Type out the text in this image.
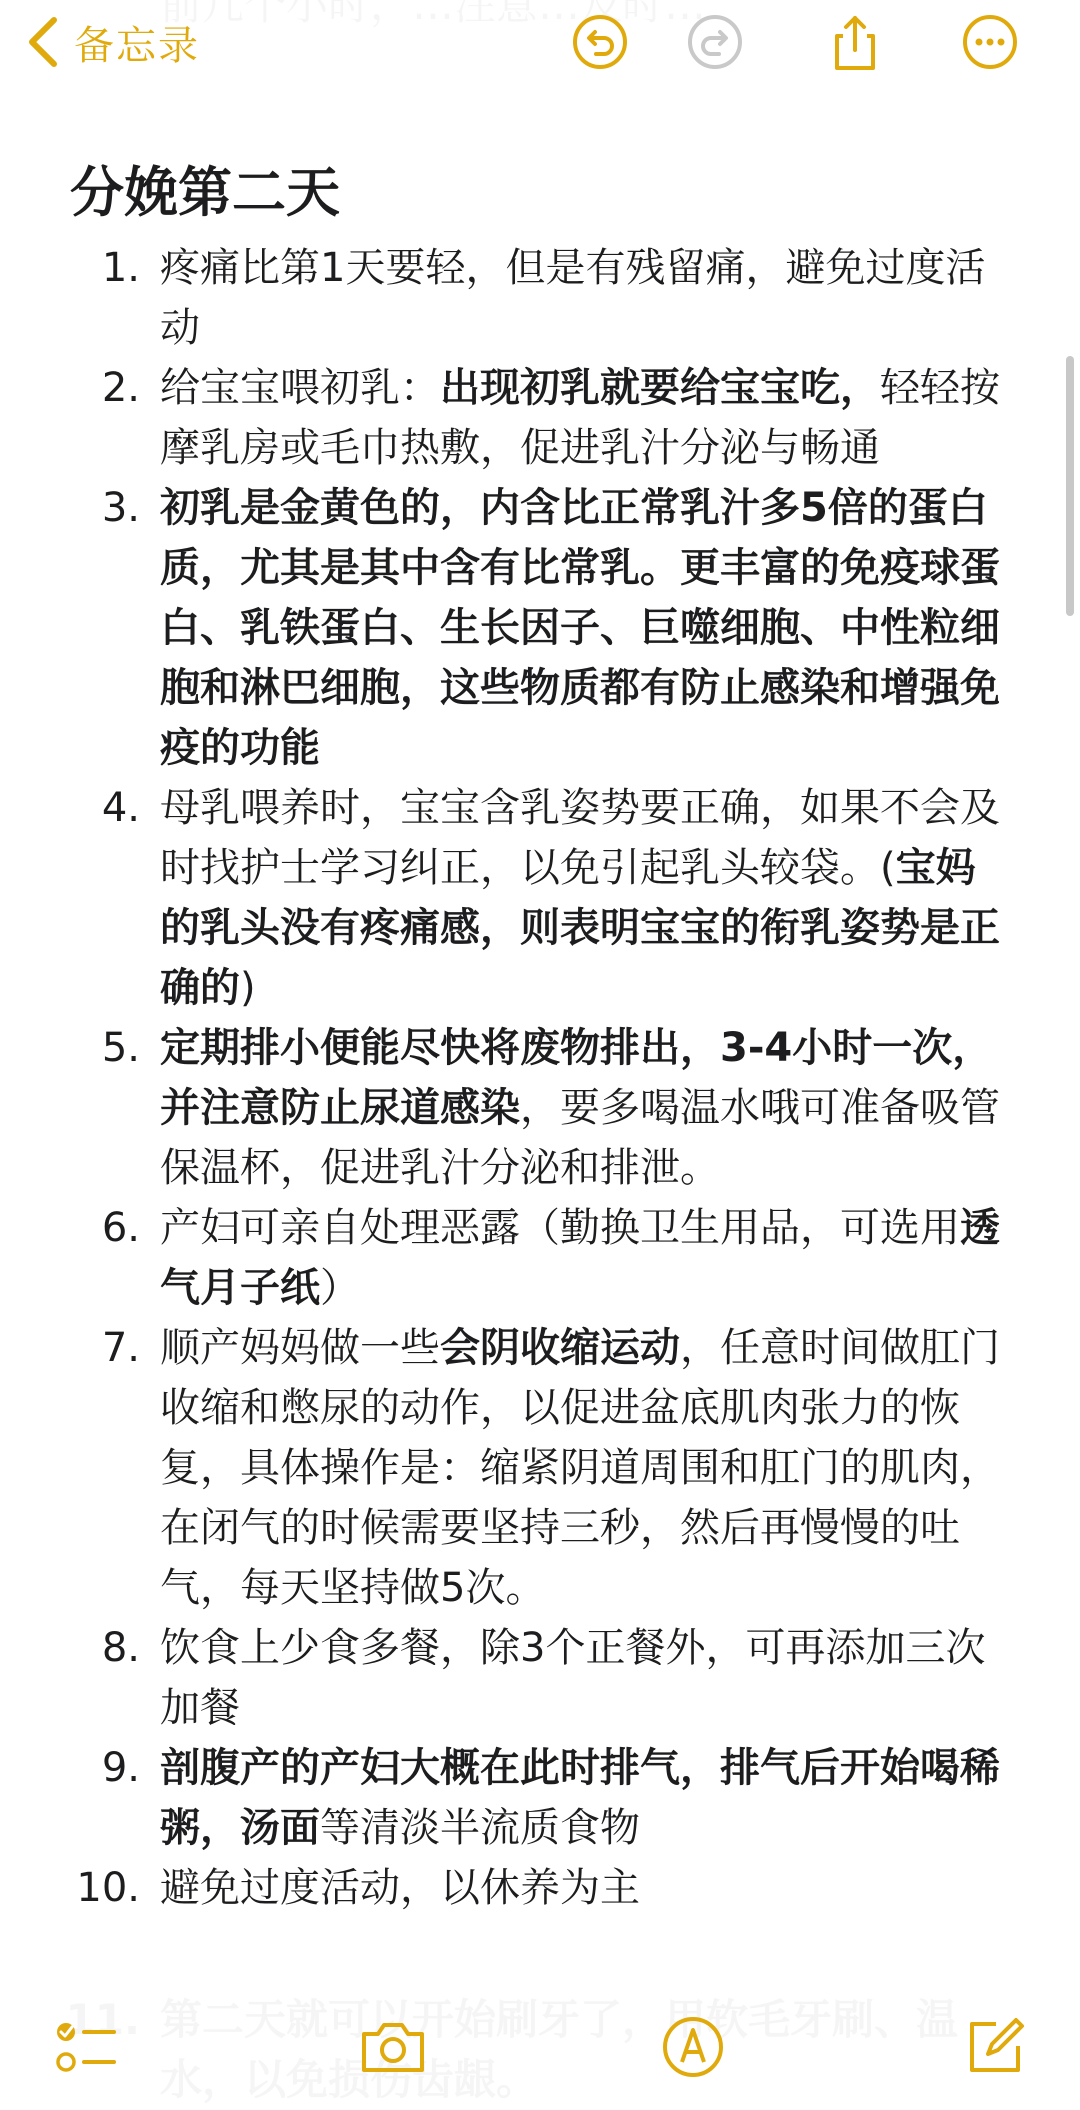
备忘录
分娩第二天
1. 疼痛比第1天要轻，但是有残留痛，避免过度活动
2. 给宝宝喂初乳：出现初乳就要给宝宝吃，轻轻按摩乳房或毛巾热敷，促进乳汁分泌与畅通
3. 初乳是金黄色的，内含比正常乳汁多5倍的蛋白质，尤其是其中含有比常乳。更丰富的免疫球蛋白、乳铁蛋白、生长因子、巨噬细胞、中性粒细胞和淋巴细胞，这些物质都有防止感染和增强免疫的功能
4. 母乳喂养时，宝宝含乳姿势要正确，如果不会及时找护士学习纠正，以免引起乳头较袋。(宝妈的乳头没有疼痛感，则表明宝宝的衔乳姿势是正确的)
5. 定期排小便能尽快将废物排出，3-4小时一次，并注意防止尿道感染，要多喝温水哦可准备吸管保温杯，促进乳汁分泌和排泄。
6. 产妇可亲自处理恶露（勤换卫生用品，可选用透气月子纸）
7. 顺产妈妈做一些会阴收缩运动，任意时间做肛门收缩和憋尿的动作，以促进盆底肌肉张力的恢复，具体操作是：缩紧阴道周围和肛门的肌肉，在闭气的时候需要坚持三秒，然后再慢慢的吐气，每天坚持做5次。
8. 饮食上少食多餐，除3个正餐外，可再添加三次加餐
9. 剖腹产的产妇大概在此时排气，排气后开始喝稀粥，汤面等清淡半流质食物
10. 避免过度活动，以休养为主
